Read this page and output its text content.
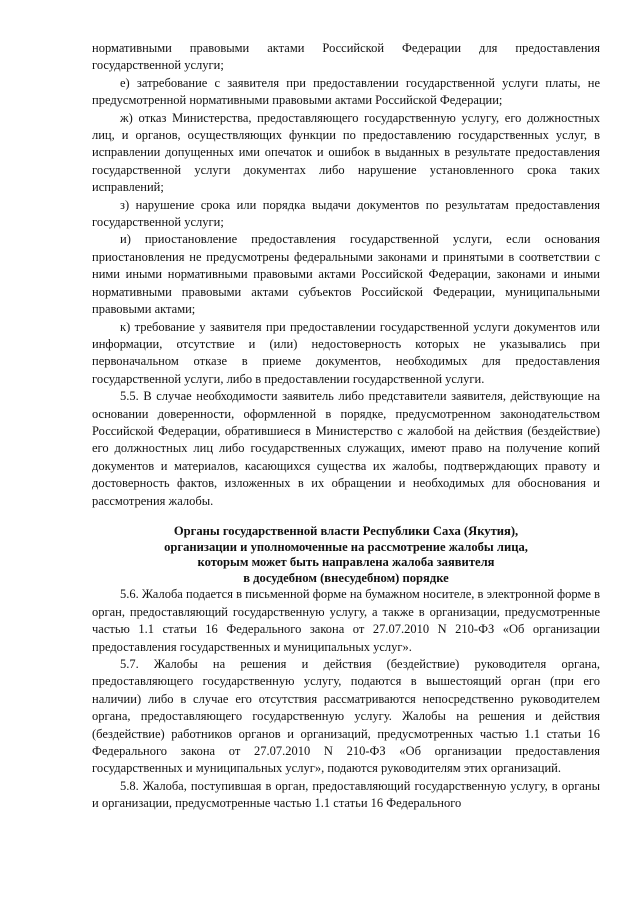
нормативными правовыми актами Российской Федерации для предоставления государственной услуги;

е) затребование с заявителя при предоставлении государственной услуги платы, не предусмотренной нормативными правовыми актами Российской Федерации;

ж) отказ Министерства, предоставляющего государственную услугу, его должностных лиц, и органов, осуществляющих функции по предоставлению государственных услуг, в исправлении допущенных ими опечаток и ошибок в выданных в результате предоставления государственной услуги документах либо нарушение установленного срока таких исправлений;

з) нарушение срока или порядка выдачи документов по результатам предоставления государственной услуги;

и) приостановление предоставления государственной услуги, если основания приостановления не предусмотрены федеральными законами и принятыми в соответствии с ними иными нормативными правовыми актами Российской Федерации, законами и иными нормативными правовыми актами субъектов Российской Федерации, муниципальными правовыми актами;

к) требование у заявителя при предоставлении государственной услуги документов или информации, отсутствие и (или) недостоверность которых не указывались при первоначальном отказе в приеме документов, необходимых для предоставления государственной услуги, либо в предоставлении государственной услуги.

5.5. В случае необходимости заявитель либо представители заявителя, действующие на основании доверенности, оформленной в порядке, предусмотренном законодательством Российской Федерации, обратившиеся в Министерство с жалобой на действия (бездействие) его должностных лиц либо государственных служащих, имеют право на получение копий документов и материалов, касающихся существа их жалобы, подтверждающих правоту и достоверность фактов, изложенных в их обращении и необходимых для обоснования и рассмотрения жалобы.

Органы государственной власти Республики Саха (Якутия),
организации и уполномоченные на рассмотрение жалобы лица,
которым может быть направлена жалоба заявителя
в досудебном (внесудебном) порядке

5.6. Жалоба подается в письменной форме на бумажном носителе, в электронной форме в орган, предоставляющий государственную услугу, а также в организации, предусмотренные частью 1.1 статьи 16 Федерального закона от 27.07.2010 N 210-ФЗ «Об организации предоставления государственных и муниципальных услуг».

5.7. Жалобы на решения и действия (бездействие) руководителя органа, предоставляющего государственную услугу, подаются в вышестоящий орган (при его наличии) либо в случае его отсутствия рассматриваются непосредственно руководителем органа, предоставляющего государственную услугу. Жалобы на решения и действия (бездействие) работников органов и организаций, предусмотренных частью 1.1 статьи 16 Федерального закона от 27.07.2010 N 210-ФЗ «Об организации предоставления государственных и муниципальных услуг», подаются руководителям этих организаций.

5.8. Жалоба, поступившая в орган, предоставляющий государственную услугу, в органы и организации, предусмотренные частью 1.1 статьи 16 Федерального
